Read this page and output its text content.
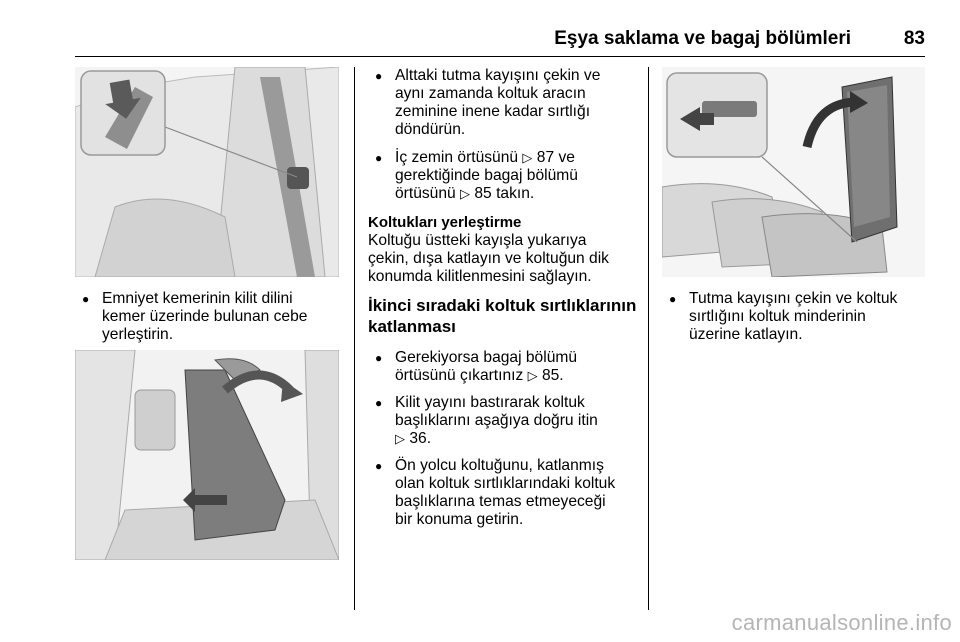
Eşya saklama ve bagaj bölümleri	83
● Emniyet kemerinin kilit dilini

kemer üzerinde bulunan cebe

yerleştirin.

● Alttaki tutma kayışını çekin ve

aynı zamanda koltuk aracın

zeminine inene kadar sırtlığı

döndürün.

● İç zemin örtüsünü ▷ 87 ve

gerektiğinde bagaj bölümü

örtüsünü ▷ 85 takın.

Koltukları yerleştirme

Koltuğu üstteki kayışla yukarıya

çekin, dışa katlayın ve koltuğun dik

konumda kilitlenmesini sağlayın.

İkinci sıradaki koltuk sırtlıklarının

katlanması

● Gerekiyorsa bagaj bölümü

örtüsünü çıkartınız ▷ 85.

● Kilit yayını bastırarak koltuk

başlıklarını aşağıya doğru itin

▷ 36.

● Ön yolcu koltuğunu, katlanmış

olan koltuk sırtlıklarındaki koltuk

başlıklarına temas etmeyeceği

bir konuma getirin.

● Tutma kayışını çekin ve koltuk

sırtlığını koltuk minderinin

üzerine katlayın.

carmanualsonline.info
